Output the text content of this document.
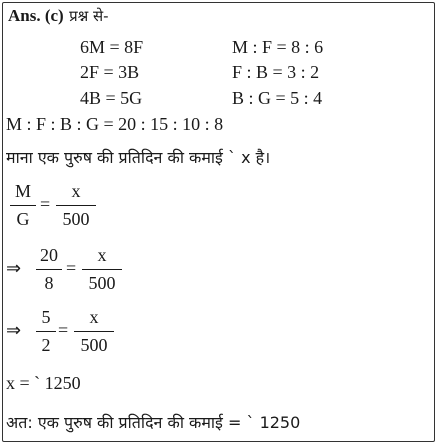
Ans. (c) प्रश्न से-
6M = 8F	M : F = 8 : 6
2F = 3B	F : B = 3 : 2
4B = 5G	B : G = 5 : 4
M : F : B : G = 20 : 15 : 10 : 8
माना एक पुरुष की प्रतिदिन की कमाई ` x है।
M
G
=
x
500
⇒
20
8
=
x
500
⇒
5
2
=
x
500
x = ` 1250
अत: एक पुरुष की प्रतिदिन की कमाई = ` 1250
